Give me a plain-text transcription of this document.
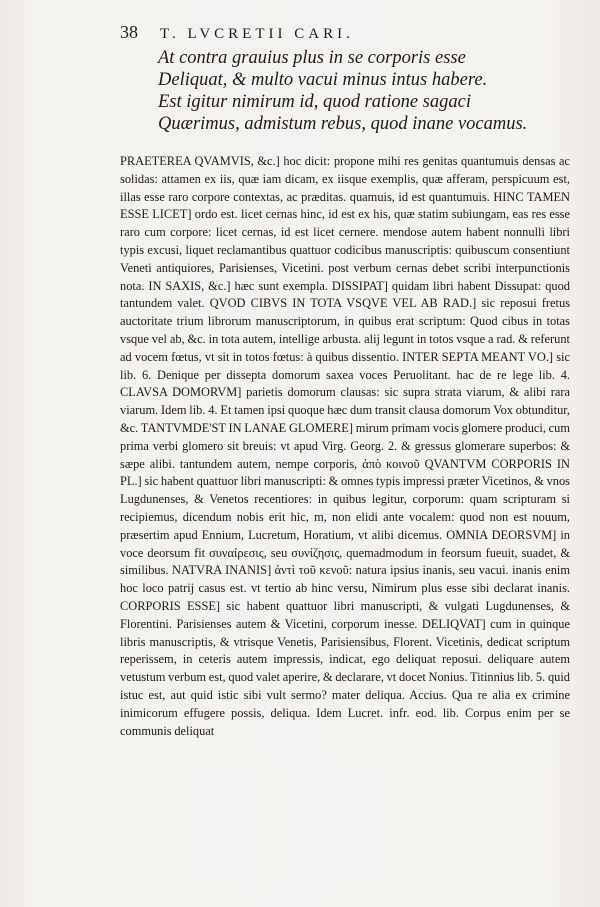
38 T. LVCRETII CARI.
At contra grauius plus in se corporis esse
Deliquat, & multo vacui minus intus habere.
Est igitur nimirum id, quod ratione sagaci
Quærimus, admistum rebus, quod inane vocamus.

PRAETEREA QVAMVIS, &c.] hoc dicit: propone mihi res genitas quantumuis densas ac solidas: attamen ex iis, quæ iam dicam, ex iisque exemplis, quæ afferam, perspicuum est, illas esse raro corpore contextas, ac præditas. quamuis, id est quantumuis. HINC TAMEN ESSE LICET] ordo est. licet cernas hinc, id est ex his, quæ statim subiungam, eas res esse raro cum corpore: licet cernas, id est licet cernere. mendose autem habent nonnulli libri typis excusi, liquet reclamantibus quattuor codicibus manuscriptis: quibuscum consentiunt Veneti antiquiores, Parisienses, Vicetini. post verbum cernas debet scribi interpunctionis nota. IN SAXIS, &c.] hæc sunt exempla. DISSIPAT] quidam libri habent Dissupat: quod tantundem valet. QVOD CIBVS IN TOTA VSQVE VEL AB RAD.] sic reposui fretus auctoritate trium librorum manuscriptorum, in quibus erat scriptum: Quod cibus in totas vsque vel ab, &c. in tota autem, intellige arbusta. alij legunt in totos vsque a rad. & referunt ad vocem fœtus, vt sit in totos fœtus: à quibus dissentio. INTER SEPTA MEANT VO.] sic lib. 6. Denique per dissepta domorum saxea voces Peruolitant. hac de re lege lib. 4. CLAVSA DOMORVM] parietis domorum clausas: sic supra strata viarum, & alibi rara viarum. Idem lib. 4. Et tamen ipsi quoque hæc dum transit clausa domorum Vox obtunditur, &c. TANTVMDE'ST IN LANAE GLOMERE] mirum primam vocis glomere produci, cum prima verbi glomero sit breuis: vt apud Virg. Georg. 2. & gressus glomerare superbos: & sæpe alibi. tantundem autem, nempe corporis, ἀπὸ κοινοῦ QVANTVM CORPORIS IN PL.] sic habent quattuor libri manuscripti: & omnes typis impressi præter Vicetinos, & vnos Lugdunenses, & Venetos recentiores: in quibus legitur, corporum: quam scripturam si recipiemus, dicendum nobis erit hic, m, non elidi ante vocalem: quod non est nouum, præsertim apud Ennium, Lucretum, Horatium, vt alibi dicemus. OMNIA DEORSVM] in voce deorsum fit συναίρεσις, seu συνίζησις, quemadmodum in feorsum fueuit, suadet, & similibus. NATVRA INANIS] ἀντὶ τοῦ κενοῦ: natura ipsius inanis, seu vacui. inanis enim hoc loco patrij casus est. vt tertio ab hinc versu, Nimirum plus esse sibi declarat inanis. CORPORIS ESSE] sic habent quattuor libri manuscripti, & vulgati Lugdunenses, & Florentini. Parisienses autem & Vicetini, corporum inesse. DELIQVAT] cum in quinque libris manuscriptis, & vtrisque Venetis, Parisiensibus, Florent. Vicetinis, dedicat scriptum reperissem, in ceteris autem impressis, indicat, ego deliquat reposui. deliquare autem vetustum verbum est, quod valet aperire, & declarare, vt docet Nonius. Titinnius lib. 5. quid istuc est, aut quid istic sibi vult sermo? mater deliqua. Accius. Qua re alia ex crimine inimicorum effugere possis, deliqua. Idem Lucret. infr. eod. lib. Corpus enim per se communis deliquat
